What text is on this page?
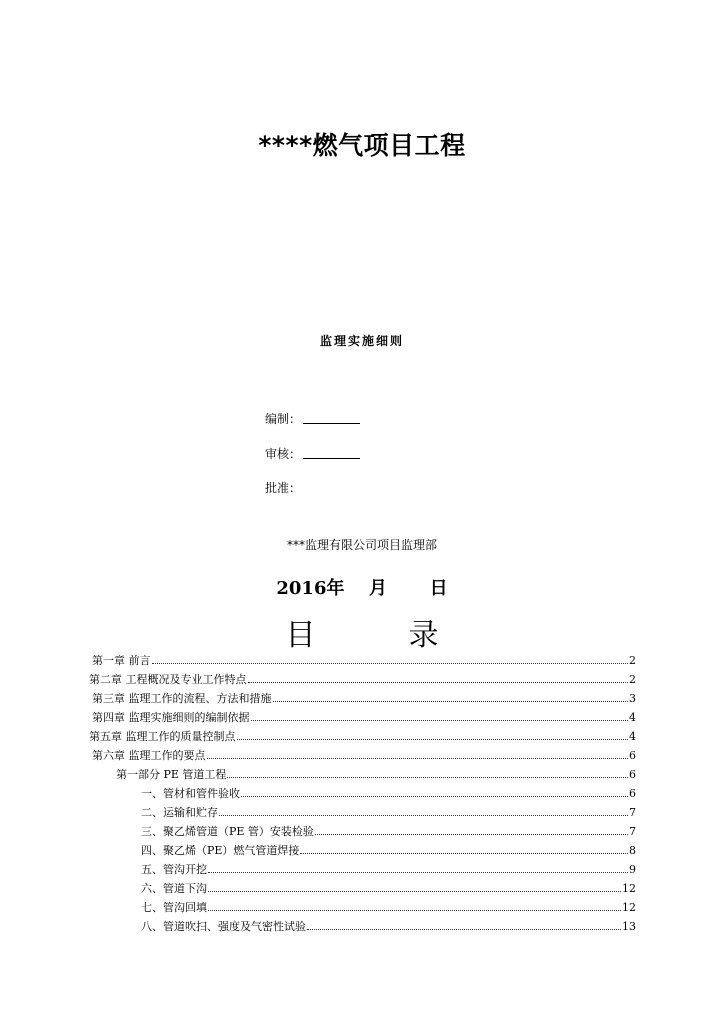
****燃气项目工程
监理实施细则
编制：
审核：
批准：
***监理有限公司项目监理部
2016年 月 日
目	录
第一章 前言	2
第二章 工程概况及专业工作特点	2
第三章 监理工作的流程、方法和措施	3
第四章 监理实施细则的编制依据	4
第五章 监理工作的质量控制点	4
第六章 监理工作的要点	6
第一部分 PE 管道工程	6
一、管材和管件验收	6
二、运输和贮存	7
三、聚乙烯管道（PE 管）安装检验	7
四、聚乙烯（PE）燃气管道焊接	8
五、管沟开挖	9
六、管道下沟	12
七、管沟回填	12
八、管道吹扫、强度及气密性试验	13
